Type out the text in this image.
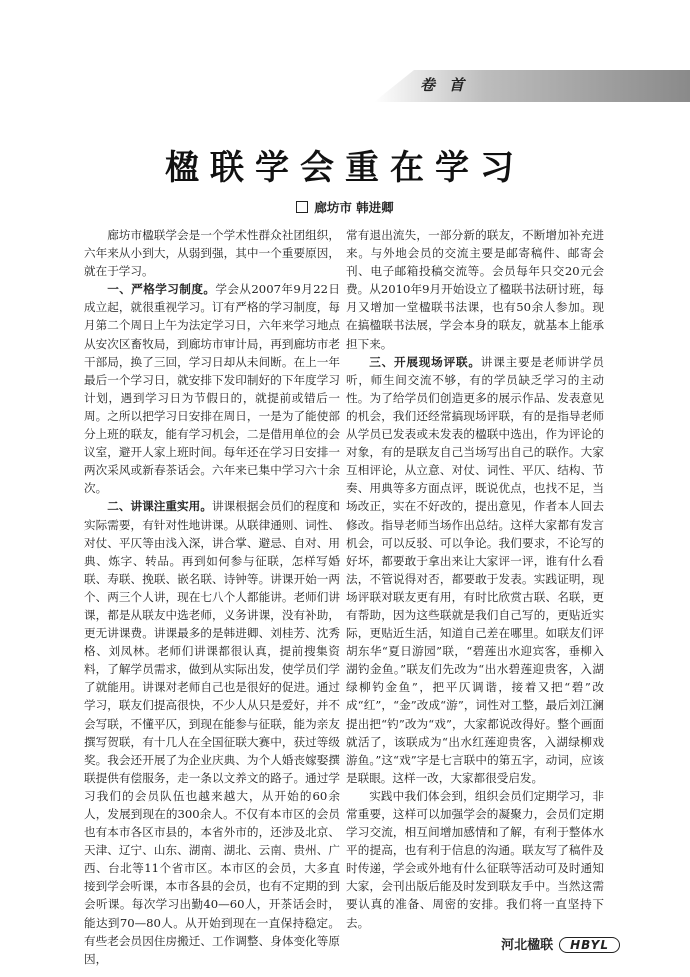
卷首
楹联学会重在学习
廊坊市 韩进卿

廊坊市楹联学会是一个学术性群众社团组织，六年来从小到大，从弱到强，其中一个重要原因，就在于学习。

一、严格学习制度。学会从2007年9月22日成立起，就很重视学习。订有严格的学习制度，每月第二个周日上午为法定学习日，六年来学习地点从安次区畜牧局，到廊坊市审计局，再到廊坊市老干部局，换了三回，学习日却从未间断。在上一年最后一个学习日，就安排下发印制好的下年度学习计划，遇到学习日为节假日的，就提前或错后一周。之所以把学习日安排在周日，一是为了能使部分上班的联友，能有学习机会，二是借用单位的会议室，避开人家上班时间。每年还在学习日安排一两次采风或新春茶话会。六年来已集中学习六十余次。

二、讲课注重实用。讲课根据会员们的程度和实际需要，有针对性地讲课。从联律通则、词性、对仗、平仄等由浅入深，讲合掌、避忌、自对、用典、炼字、转品。再到如何参与征联，怎样写婚联、寿联、挽联、嵌名联、诗钟等。讲课开始一两个、两三个人讲，现在七八个人都能讲。老师们讲课，都是从联友中选老师，义务讲课，没有补助，更无讲课费。讲课最多的是韩进卿、刘桂芳、沈秀格、刘凤林。老师们讲课都很认真，提前搜集资料，了解学员需求，做到从实际出发，使学员们学了就能用。讲课对老师自己也是很好的促进。通过学习，联友们提高很快，不少人从只是爱好，并不会写联，不懂平仄，到现在能参与征联，能为亲友撰写贺联，有十几人在全国征联大赛中，获过等级奖。我会还开展了为企业庆典、为个人婚丧嫁娶撰联提供有偿服务，走一条以文养文的路子。通过学习我们的会员队伍也越来越大，从开始的60余人，发展到现在的300余人。不仅有本市区的会员也有本市各区市县的，本省外市的，还涉及北京、天津、辽宁、山东、湖南、湖北、云南、贵州、广西、台北等11个省市区。本市区的会员，大多直接到学会听课，本市各县的会员，也有不定期的到会听课。每次学习出勤40—60人，开茶话会时，能达到70—80人。从开始到现在一直保持稳定。有些老会员因住房搬迁、工作调整、身体变化等原因，

常有退出流失，一部分新的联友，不断增加补充进来。与外地会员的交流主要是邮寄稿件、邮寄会刊、电子邮箱投稿交流等。会员每年只交20元会费。从2010年9月开始设立了楹联书法研讨班，每月又增加一堂楹联书法课，也有50余人参加。现在搞楹联书法展，学会本身的联友，就基本上能承担下来。

三、开展现场评联。讲课主要是老师讲学员听，师生间交流不够，有的学员缺乏学习的主动性。为了给学员们创造更多的展示作品、发表意见的机会，我们还经常搞现场评联，有的是指导老师从学员已发表或未发表的楹联中选出，作为评论的对象，有的是联友自己当场写出自己的联作。大家互相评论，从立意、对仗、词性、平仄、结构、节奏、用典等多方面点评，既说优点，也找不足，当场改正，实在不好改的，提出意见，作者本人回去修改。指导老师当场作出总结。这样大家都有发言机会，可以反驳、可以争论。我们要求，不论写的好坏，都要敢于拿出来让大家评一评，谁有什么看法，不管说得对否，都要敢于发表。实践证明，现场评联对联友更有用，有时比欣赏古联、名联，更有帮助，因为这些联就是我们自己写的，更贴近实际，更贴近生活，知道自己差在哪里。如联友们评胡东华“夏日游园”联，“碧莲出水迎宾客，垂柳入湖钓金鱼。”联友们先改为“出水碧莲迎贵客，入湖绿柳钓金鱼”，把平仄调谐，接着又把“碧”改成“红”，“金”改成“游”，词性对工整，最后刘江澜提出把“钓”改为“戏”，大家都说改得好。整个画面就活了，该联成为“出水红莲迎贵客，入湖绿柳戏游鱼。”这“戏”字是七言联中的第五字，动词，应该是联眼。这样一改，大家都很受启发。

实践中我们体会到，组织会员们定期学习，非常重要，这样可以加强学会的凝聚力，会员们定期学习交流，相互间增加感情和了解，有利于整体水平的提高，也有利于信息的沟通。联友写了稿件及时传递，学会或外地有什么征联等活动可及时通知大家，会刊出版后能及时发到联友手中。当然这需要认真的准备、周密的安排。我们将一直坚持下去。

河北楹联 HBYL
